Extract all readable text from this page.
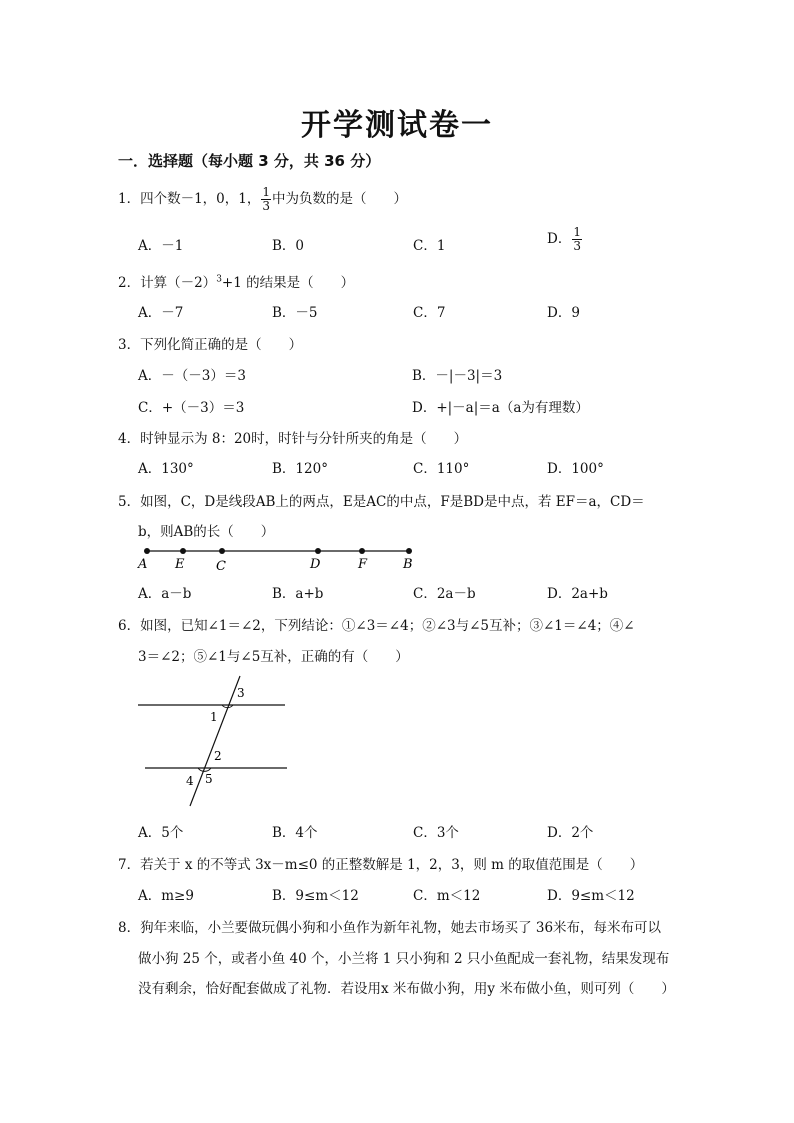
开学测试卷一
一．选择题（每小题 3 分，共 36 分）
1．四个数－1，0，1， $\frac{1}{3}$ 中为负数的是（　　）
A．－1	B．0	C．1	D． $\frac{1}{3}$
2．计算$(-2)^3+1$ 的结果是（　　）
A．－7	B．－5	C．7	D．9
3．下列化简正确的是（　　）
A．－（－3）＝3	B．－|－3|＝3
C．+（－3）＝3	D．+|－a|＝a（a为有理数）
4．时钟显示为 8：20时，时针与分针所夹的角是（　　）
A．130°	B．120°	C．110°	D．100°
5．如图，C，D是线段AB上的两点，E是AC的中点，F是BD是中点，若 EF＝a，CD＝
b，则AB的长（　　）
A E C	D	F	B
A．a－b	B．a+b	C．2a－b	D．2a+b
6．如图，已知∠1＝∠2，下列结论：①∠3＝∠4；②∠3与∠5互补；③∠1＝∠4；④∠
3＝∠2；⑤∠1与∠5互补，正确的有（　　）
3
1
2
4 5
A．5个	B．4个	C．3个	D．2个
7．若关于 x 的不等式 3x－m≤0 的正整数解是 1，2，3，则 m 的取值范围是（　　）
A．m≥9	B．9≤m＜12	C．m＜12	D．9≤m＜12
8．狗年来临，小兰要做玩偶小狗和小鱼作为新年礼物，她去市场买了 36米布，每米布可以
做小狗 25 个，或者小鱼 40 个，小兰将 1 只小狗和 2 只小鱼配成一套礼物，结果发现布
没有剩余，恰好配套做成了礼物．若设用x 米布做小狗，用y 米布做小鱼，则可列（　　）
